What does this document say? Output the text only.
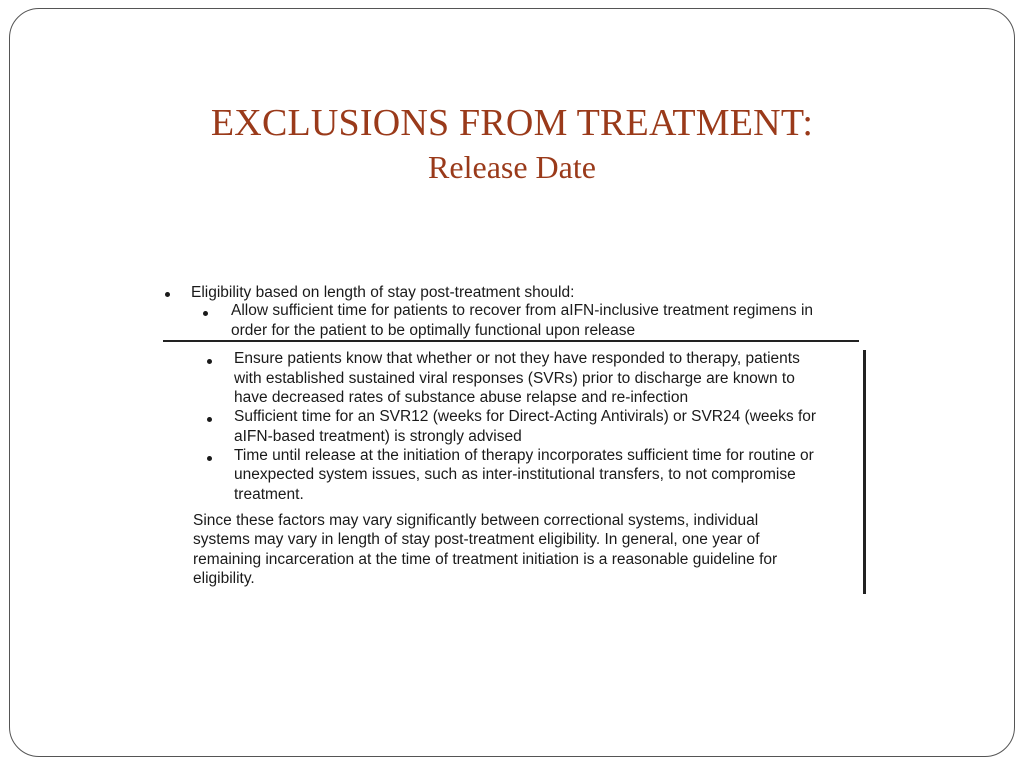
EXCLUSIONS FROM TREATMENT:
Release Date
Eligibility based on length of stay post-treatment should:
Allow sufficient time for patients to recover from aIFN-inclusive treatment regimens in
order for the patient to be optimally functional upon release
Ensure patients know that whether or not they have responded to therapy, patients
with established sustained viral responses (SVRs) prior to discharge are known to
have decreased rates of substance abuse relapse and re-infection
Sufficient time for an SVR12 (weeks for Direct-Acting Antivirals) or SVR24 (weeks for
aIFN-based treatment) is strongly advised
Time until release at the initiation of therapy incorporates sufficient time for routine or
unexpected system issues, such as inter-institutional transfers, to not compromise
treatment.
Since these factors may vary significantly between correctional systems, individual
systems may vary in length of stay post-treatment eligibility. In general, one year of
remaining incarceration at the time of treatment initiation is a reasonable guideline for
eligibility.
